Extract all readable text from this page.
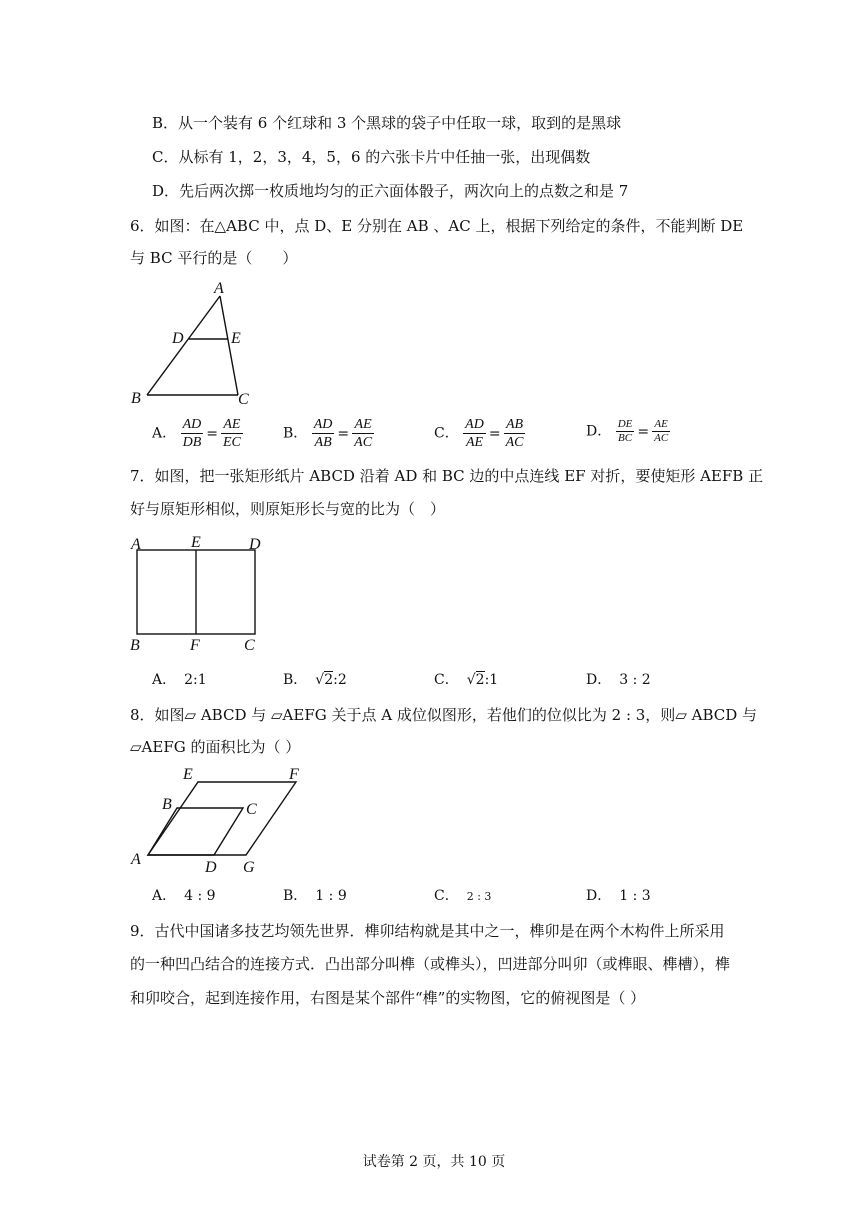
B．从一个装有 6 个红球和 3 个黑球的袋子中任取一球，取到的是黑球
C．从标有 1，2，3，4，5，6 的六张卡片中任抽一张，出现偶数
D．先后两次掷一枚质地均匀的正六面体骰子，两次向上的点数之和是 7
6．如图：在△ABC 中，点 D、E 分别在 AB 、AC 上，根据下列给定的条件，不能判断 DE
与 BC 平行的是（　　）
A
D	E
B	C
A． $\frac{AD}{DB} = \frac{AE}{EC}$	B． $\frac{AD}{AB} = \frac{AE}{AC}$	C． $\frac{AD}{AE} = \frac{AB}{AC}$	D． $\frac{DE}{BC} = \frac{AE}{AC}$
7．如图，把一张矩形纸片 ABCD 沿着 AD 和 BC 边的中点连线 EF 对折，要使矩形 AEFB 正
好与原矩形相似，则原矩形长与宽的比为（　）
A	E	D
B	F	C
A． 2:1	B． √2:2	C． √2:1	D． 3 : 2
8．如图▱ ABCD 与 ▱AEFG 关于点 A 成位似图形，若他们的位似比为 2 : 3，则▱ ABCD 与
▱AEFG 的面积比为（ ）
E	F
B	C
A	D G
A． 4 : 9	B． 1 : 9	C． 2 : 3	D． 1 : 3
9．古代中国诸多技艺均领先世界．榫卯结构就是其中之一，榫卯是在两个木构件上所采用
的一种凹凸结合的连接方式．凸出部分叫榫（或榫头），凹进部分叫卯（或榫眼、榫槽），榫
和卯咬合，起到连接作用，右图是某个部件“榫”的实物图，它的俯视图是（ ）
试卷第 2 页，共 10 页
